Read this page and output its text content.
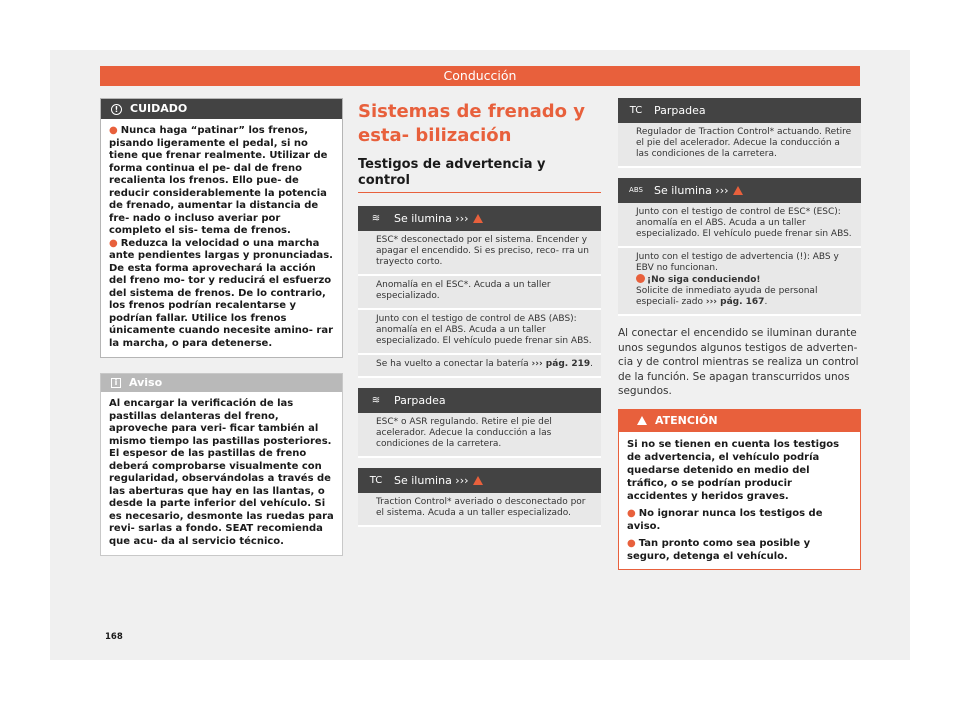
Conducción
!	CUIDADO

● Nunca haga “patinar” los frenos, pisando ligeramente el pedal, si no tiene que frenar realmente. Utilizar de forma continua el pe- dal de freno recalienta los frenos. Ello pue- de reducir considerablemente la potencia de frenado, aumentar la distancia de fre- nado o incluso averiar por completo el sis- tema de frenos.

● Reduzca la velocidad o una marcha ante pendientes largas y pronunciadas. De esta forma aprovechará la acción del freno mo- tor y reducirá el esfuerzo del sistema de frenos. De lo contrario, los frenos podrían recalentarse y podrían fallar. Utilice los frenos únicamente cuando necesite amino- rar la marcha, o para detenerse.

i	Aviso
Al encargar la verificación de las pastillas delanteras del freno, aproveche para veri- ficar también al mismo tiempo las pastillas posteriores. El espesor de las pastillas de freno deberá comprobarse visualmente con regularidad, observándolas a través de las aberturas que hay en las llantas, o desde la parte inferior del vehículo. Si es necesario, desmonte las ruedas para revi- sarlas a fondo. SEAT recomienda que acu- da al servicio técnico.
Sistemas de frenado y esta- bilización
Testigos de advertencia y control
≋	Se ilumina ›››
ESC* desconectado por el sistema. Encender y apagar el encendido. Si es preciso, reco- rra un trayecto corto.
Anomalía en el ESC*. Acuda a un taller especializado.
Junto con el testigo de control de ABS (ABS): anomalía en el ABS. Acuda a un taller especializado. El vehículo puede frenar sin ABS.
Se ha vuelto a conectar la batería ››› pág. 219.
≋	Parpadea
ESC* o ASR regulando. Retire el pie del acelerador. Adecue la conducción a las condiciones de la carretera.
TC	Se ilumina ›››
Traction Control* averiado o desconectado por el sistema. Acuda a un taller especializado.
TC	Parpadea
Regulador de Traction Control* actuando. Retire el pie del acelerador. Adecue la conducción a las condiciones de la carretera.
ABS	Se ilumina ›››
Junto con el testigo de control de ESC* (ESC): anomalía en el ABS. Acuda a un taller especializado. El vehículo puede frenar sin ABS.
Junto con el testigo de advertencia (!): ABS y EBV no funcionan.
¡No siga conduciendo!
Solicite de inmediato ayuda de personal especiali- zado ››› pág. 167.
Al conectar el encendido se iluminan durante unos segundos algunos testigos de adverten- cia y de control mientras se realiza un control de la función. Se apagan transcurridos unos segundos.
ATENCIÓN

Si no se tienen en cuenta los testigos de advertencia, el vehículo podría quedarse detenido en medio del tráfico, o se podrían producir accidentes y heridos graves.

● No ignorar nunca los testigos de aviso.

● Tan pronto como sea posible y seguro, detenga el vehículo.

168
